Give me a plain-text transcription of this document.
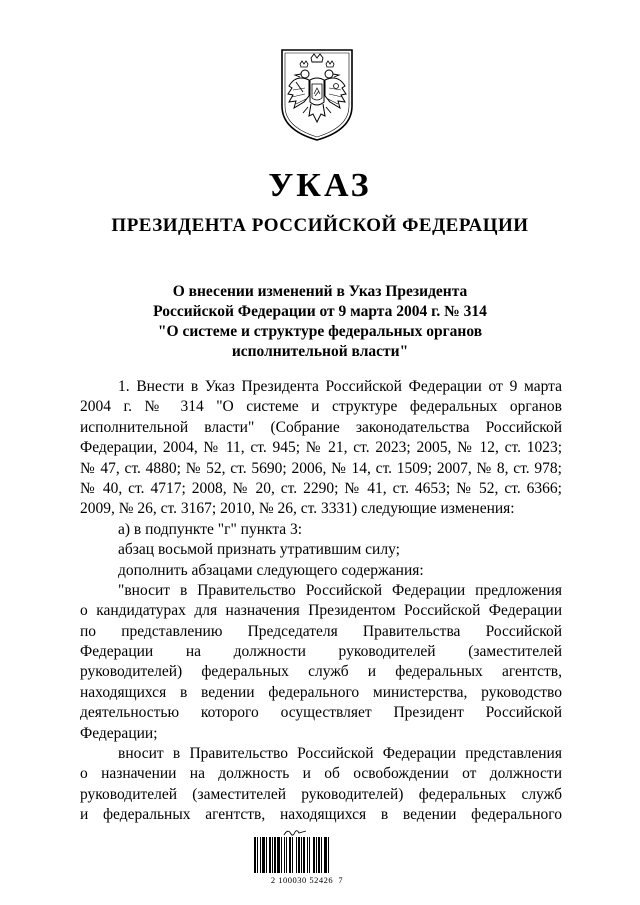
УКАЗ
ПРЕЗИДЕНТА РОССИЙСКОЙ ФЕДЕРАЦИИ
О внесении изменений в Указ Президента
Российской Федерации от 9 марта 2004 г. № 314
"О системе и структуре федеральных органов
исполнительной власти"
1. Внести в Указ Президента Российской Федерации от 9 марта
2004 г. № 314 "О системе и структуре федеральных органов
исполнительной власти" (Собрание законодательства Российской
Федерации, 2004, № 11, ст. 945; № 21, ст. 2023; 2005, № 12, ст. 1023;
№ 47, ст. 4880; № 52, ст. 5690; 2006, № 14, ст. 1509; 2007, № 8, ст. 978;
№ 40, ст. 4717; 2008, № 20, ст. 2290; № 41, ст. 4653; № 52, ст. 6366;
2009, № 26, ст. 3167; 2010, № 26, ст. 3331) следующие изменения:
а) в подпункте "г" пункта 3:
абзац восьмой признать утратившим силу;
дополнить абзацами следующего содержания:
"вносит в Правительство Российской Федерации предложения
о кандидатурах для назначения Президентом Российской Федерации
по представлению Председателя Правительства Российской
Федерации на должности руководителей (заместителей
руководителей) федеральных служб и федеральных агентств,
находящихся в ведении федерального министерства, руководство
деятельностью которого осуществляет Президент Российской
Федерации;
вносит в Правительство Российской Федерации представления
о назначении на должность и об освобождении от должности
руководителей (заместителей руководителей) федеральных служб
и федеральных агентств, находящихся в ведении федерального
2 100030 52426  7
